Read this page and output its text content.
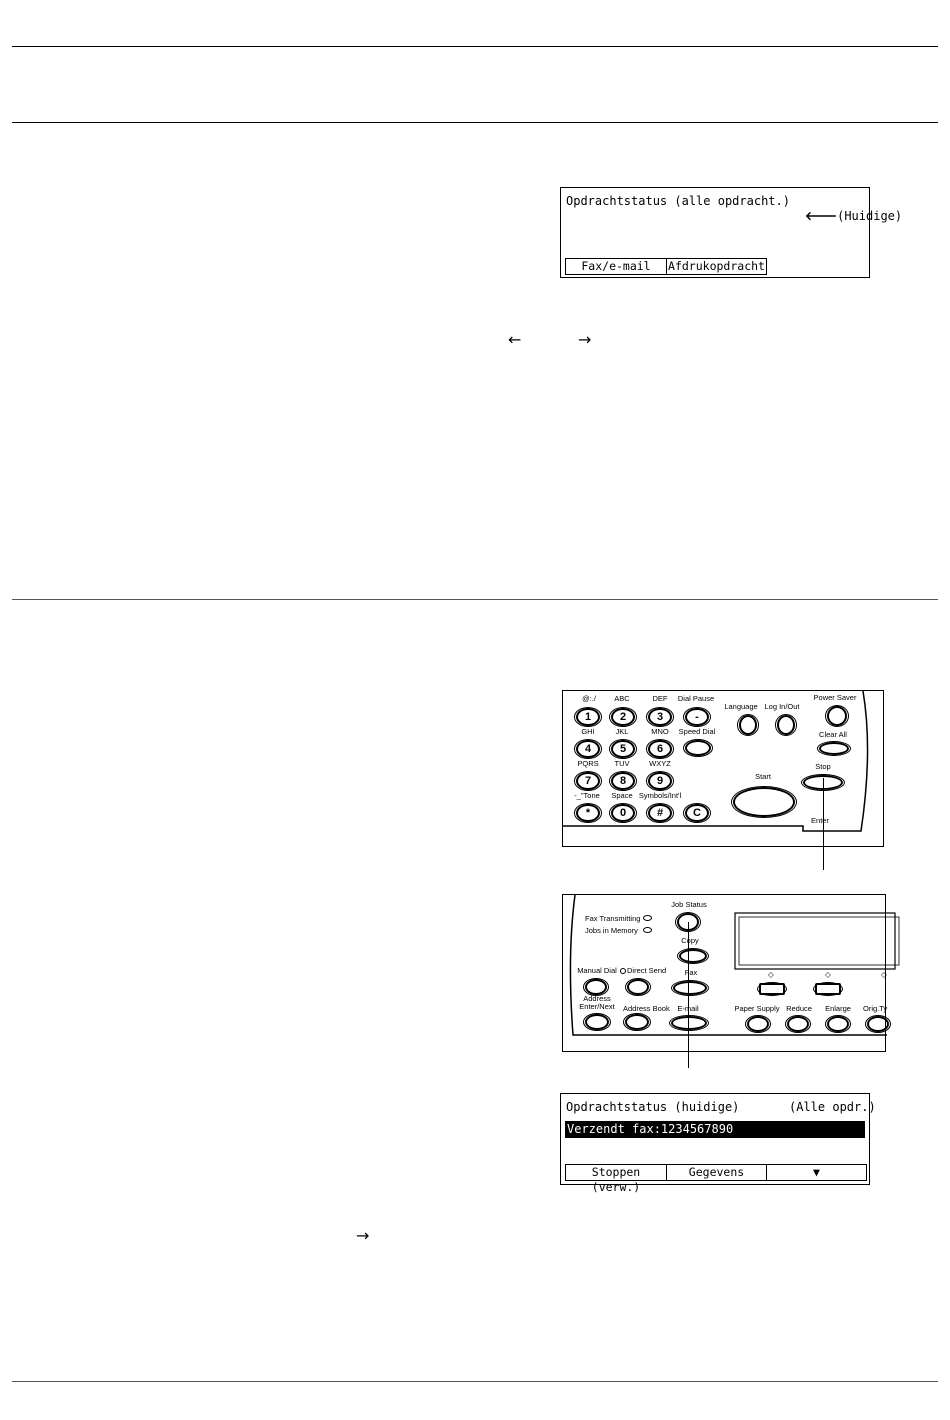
Opdrachtstatus (alle opdracht.)

🡐(Huidige)

Fax/e-mail	Afdrukopdracht
←	→
@:./
1
ABC
2
DEF
3
Dial Pause
-
GHI
4
JKL
5
MNO
6
Speed Dial
PQRS
7
TUV
8
WXYZ
9
-_"Tone
*
Space
0
Symbols/Int'l
#	C
Language Log In/Out
Power Saver
Clear All
Stop
Start
Enter
Fax Transmitting
Jobs in Memory
Job Status
Copy
Manual Dial Direct Send	Fax
Address
Enter/Next	Address Book	E-mail
◇	◇	◇
Paper Supply Reduce	Enlarge	Orig.Ty
Opdrachtstatus (huidige)	(Alle opdr.)
Verzendt fax:1234567890
Stoppen (verw.)
Gegevens	▼
→
